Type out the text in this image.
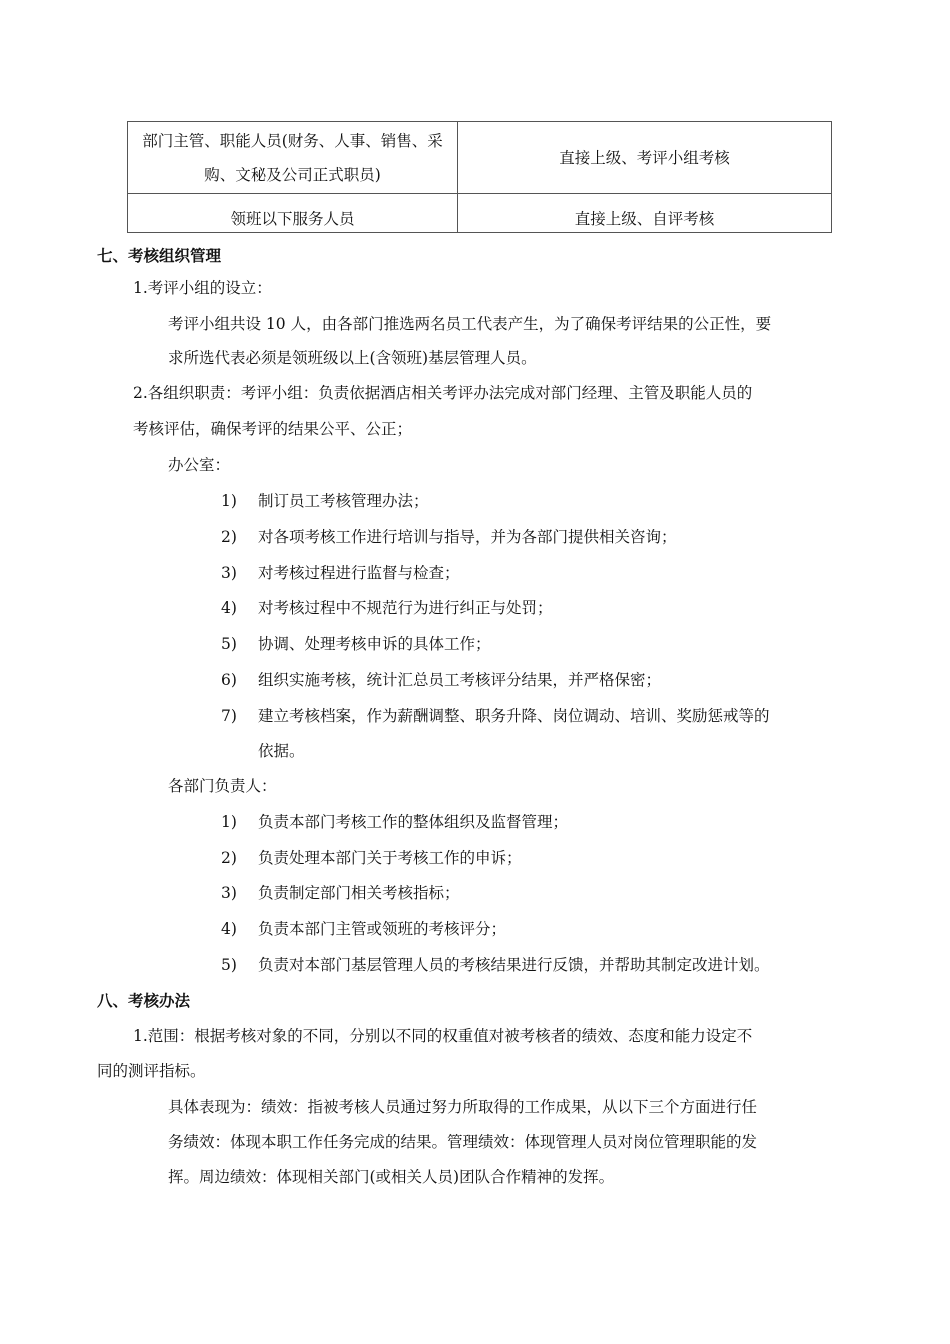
部门主管、职能人员(财务、人事、销售、采购、文秘及公司正式职员)	直接上级、考评小组考核
领班以下服务人员	直接上级、自评考核
七、考核组织管理
1.考评小组的设立：
考评小组共设 10 人，由各部门推选两名员工代表产生，为了确保考评结果的公正性，要
求所选代表必须是领班级以上(含领班)基层管理人员。
2.各组织职责：考评小组：负责依据酒店相关考评办法完成对部门经理、主管及职能人员的
考核评估，确保考评的结果公平、公正；
办公室：
1) 制订员工考核管理办法；
2) 对各项考核工作进行培训与指导，并为各部门提供相关咨询；
3) 对考核过程进行监督与检查；
4) 对考核过程中不规范行为进行纠正与处罚；
5) 协调、处理考核申诉的具体工作；
6) 组织实施考核，统计汇总员工考核评分结果，并严格保密；
7) 建立考核档案，作为薪酬调整、职务升降、岗位调动、培训、奖励惩戒等的
依据。
各部门负责人：
1) 负责本部门考核工作的整体组织及监督管理；
2) 负责处理本部门关于考核工作的申诉；
3) 负责制定部门相关考核指标；
4) 负责本部门主管或领班的考核评分；
5) 负责对本部门基层管理人员的考核结果进行反馈，并帮助其制定改进计划。
八、考核办法
1.范围：根据考核对象的不同，分别以不同的权重值对被考核者的绩效、态度和能力设定不
同的测评指标。
具体表现为：绩效：指被考核人员通过努力所取得的工作成果，从以下三个方面进行任
务绩效：体现本职工作任务完成的结果。管理绩效：体现管理人员对岗位管理职能的发
挥。周边绩效：体现相关部门(或相关人员)团队合作精神的发挥。
